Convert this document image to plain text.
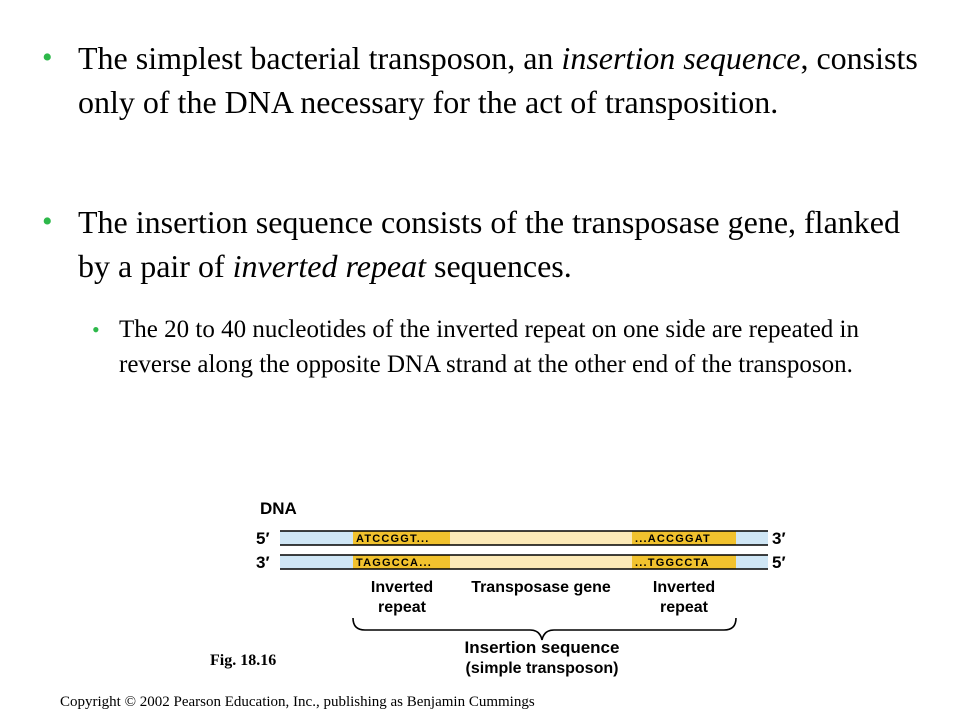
• The simplest bacterial transposon, an insertion sequence, consists only of the DNA necessary for the act of transposition.
• The insertion sequence consists of the transposase gene, flanked by a pair of inverted repeat sequences.
• The 20 to 40 nucleotides of the inverted repeat on one side are repeated in reverse along the opposite DNA strand at the other end of the transposon.
DNA
5′
3′
3′
5′
ATCCGGT...
TAGGCCA...
...ACCGGAT
...TGGCCTA
Inverted
repeat
Transposase gene	Inverted
repeat
Insertion sequence
(simple transposon)
Fig. 18.16
Copyright © 2002 Pearson Education, Inc., publishing as Benjamin Cummings
